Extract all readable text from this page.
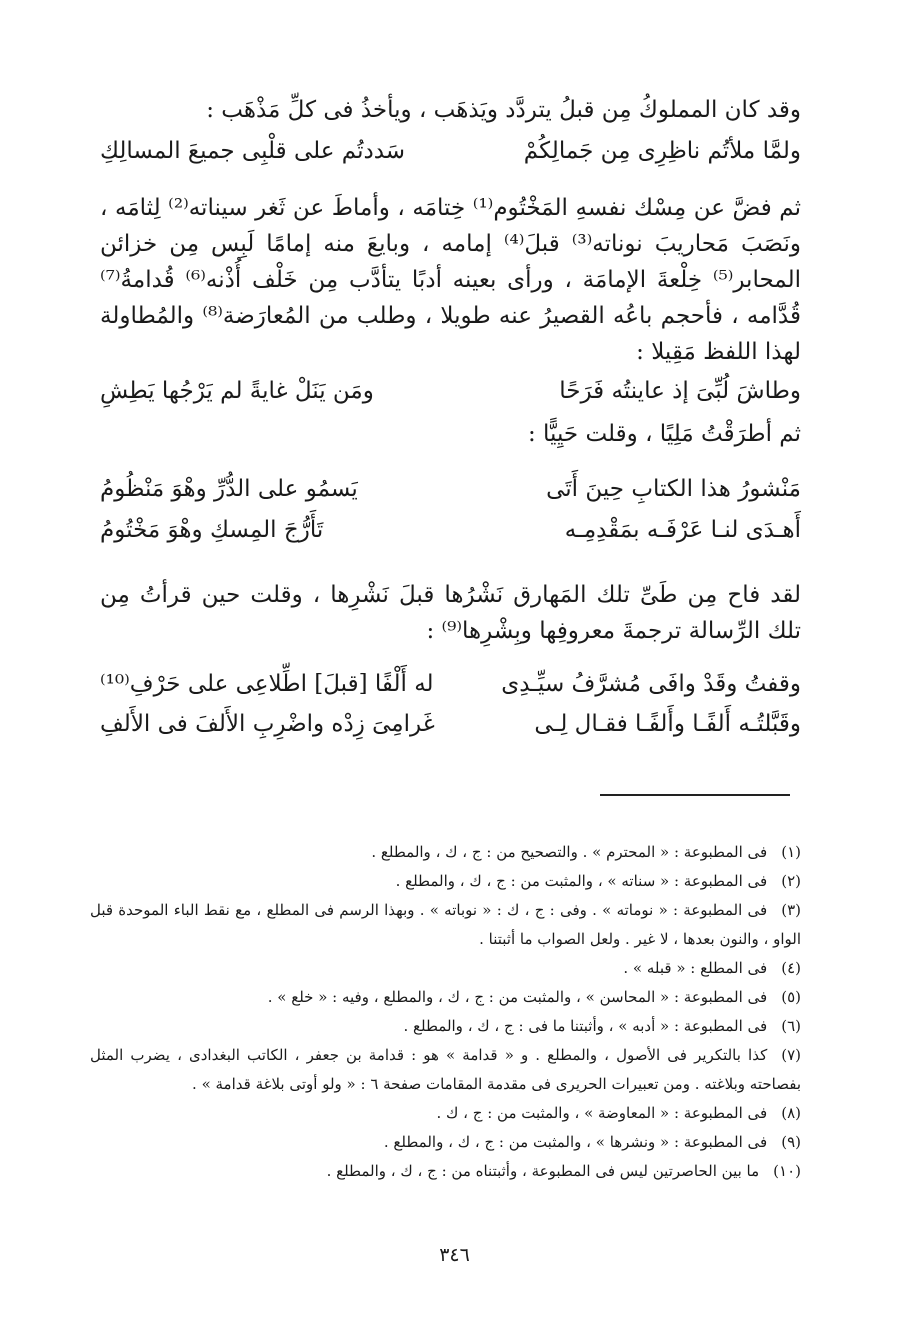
وقد كان المملوكُ مِن قبلُ يتردَّد ويَذهَب ، ويأخذُ فى كلِّ مَذْهَب :
ولمَّا ملأتُم ناظِرِى مِن جَمالِكُمْ
سَددتُم على قلْبِى جميعَ المسالِكِ
ثم فضَّ عن مِسْك نفسهِ المَخْتُوم⁽¹⁾ خِتامَه ، وأماطَ عن ثَغر سيناته⁽²⁾ لِثامَه ، ونَصَبَ مَحاريبَ نوناته⁽³⁾ قبلَ⁽⁴⁾ إمامه ، وبايعَ منه إمامًا لَبِس مِن خزائن المحابر⁽⁵⁾ خِلْعةَ الإمامَة ، ورأى بعينه أدبًا يتأدَّب مِن خَلْف أُذْنه⁽⁶⁾ قُدامةُ⁽⁷⁾ قُدَّامه ، فأحجم باعُه القصيرُ عنه طويلا ، وطلب من المُعارَضة⁽⁸⁾ والمُطاولة لهذا اللفظ مَقِيلا :
وطاشَ لُبِّىَ إذ عاينتُه فَرَحًا
ومَن يَنَلْ غايةً لم يَرْجُها يَطِشِ
ثم أطرَقْتُ مَلِيًا ، وقلت حَيِيًّا :
مَنْشورُ هذا الكتابِ حِينَ أَتَى
يَسمُو على الدُّرِّ وهْوَ مَنْظُومُ
أَهـدَى لنـا عَرْفَـه بمَقْدِمِـه
تَأَرُّجَ المِسكِ وهْوَ مَخْتُومُ
لقد فاح مِن طَىِّ تلك المَهارق نَشْرُها قبلَ نَشْرِها ، وقلت حين قرأتُ مِن تلك الرِّسالة ترجمةَ معروفِها وبِشْرِها⁽⁹⁾ :
وقفتُ وقَدْ وافَى مُشرَّفُ سيِّـدِى
له أَلْفًا [قبلَ] اطِّلاعِى على حَرْفِ⁽¹⁰⁾
وقَبَّلتُـه أَلفًـا وأَلفًـا فقـال لِـى
غَرامِىَ زِدْه واضْرِبِ الأَلفَ فى الأَلفِ
(١)فى المطبوعة : « المحترم » . والتصحيح من : ج ، ك ، والمطلع .
(٢)فى المطبوعة : « سناته » ، والمثبت من : ج ، ك ، والمطلع .
(٣)فى المطبوعة : « نوماته » . وفى : ج ، ك : « نوباته » . وبهذا الرسم فى المطلع ، مع نقط الباء الموحدة قبل الواو ، والنون بعدها ، لا غير . ولعل الصواب ما أثبتنا .
(٤)فى المطلع : « قبله » .
(٥)فى المطبوعة : « المحاسن » ، والمثبت من : ج ، ك ، والمطلع ، وفيه : « خلع » .
(٦)فى المطبوعة : « أدبه » ، وأثبتنا ما فى : ج ، ك ، والمطلع .
(٧)كذا بالتكرير فى الأصول ، والمطلع . و « قدامة » هو : قدامة بن جعفر ، الكاتب البغدادى ، يضرب المثل بفصاحته وبلاغته . ومن تعبيرات الحريرى فى مقدمة المقامات صفحة ٦ : « ولو أوتى بلاغة قدامة » .
(٨)فى المطبوعة : « المعاوضة » ، والمثبت من : ج ، ك .
(٩)فى المطبوعة : « ونشرها » ، والمثبت من : ج ، ك ، والمطلع .
(١٠)ما بين الحاصرتين ليس فى المطبوعة ، وأثبتناه من : ج ، ك ، والمطلع .
٣٤٦
